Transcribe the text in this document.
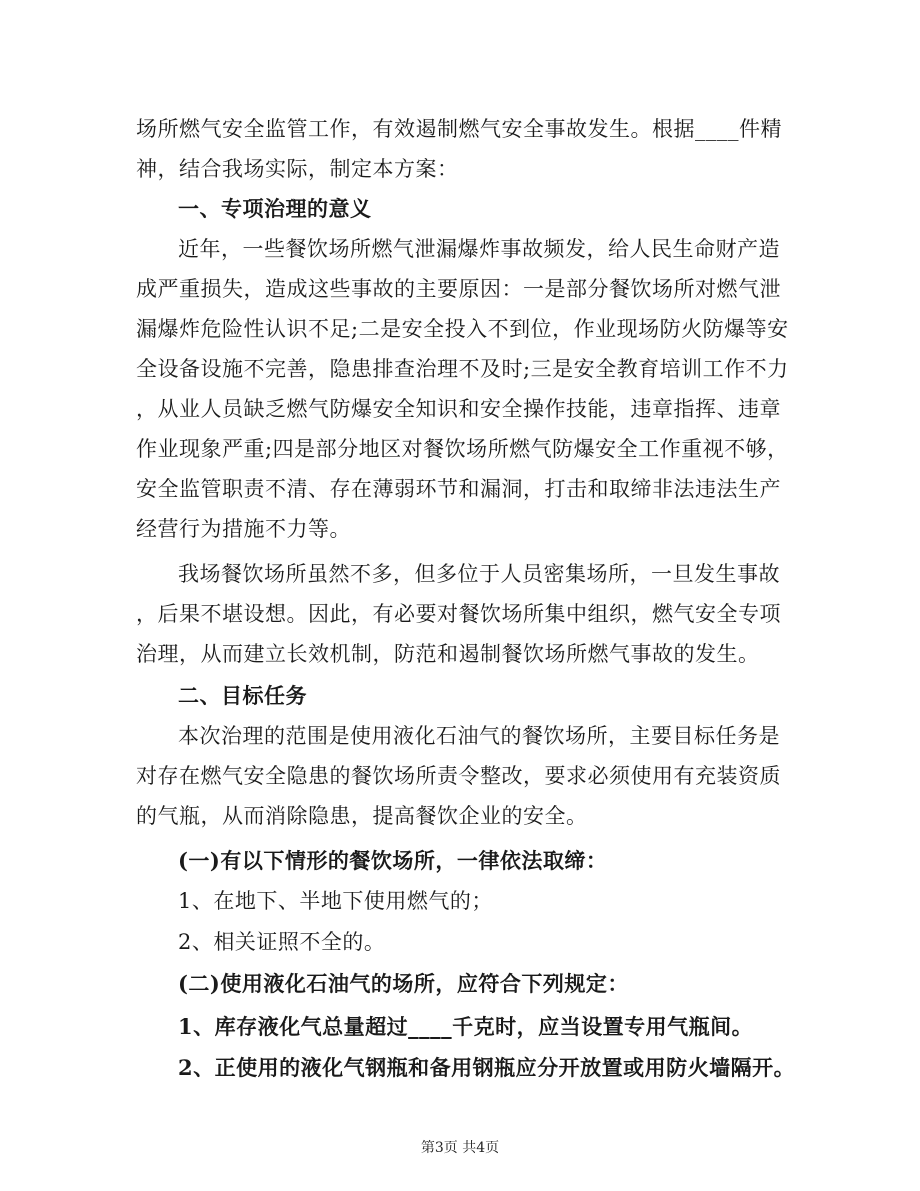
场所燃气安全监管工作，有效遏制燃气安全事故发生。根据____件精
神，结合我场实际，制定本方案：
一、专项治理的意义
近年，一些餐饮场所燃气泄漏爆炸事故频发，给人民生命财产造
成严重损失，造成这些事故的主要原因：一是部分餐饮场所对燃气泄
漏爆炸危险性认识不足;二是安全投入不到位，作业现场防火防爆等安
全设备设施不完善，隐患排查治理不及时;三是安全教育培训工作不力
，从业人员缺乏燃气防爆安全知识和安全操作技能，违章指挥、违章
作业现象严重;四是部分地区对餐饮场所燃气防爆安全工作重视不够，
安全监管职责不清、存在薄弱环节和漏洞，打击和取缔非法违法生产
经营行为措施不力等。
我场餐饮场所虽然不多，但多位于人员密集场所，一旦发生事故
，后果不堪设想。因此，有必要对餐饮场所集中组织，燃气安全专项
治理，从而建立长效机制，防范和遏制餐饮场所燃气事故的发生。
二、目标任务
本次治理的范围是使用液化石油气的餐饮场所，主要目标任务是
对存在燃气安全隐患的餐饮场所责令整改，要求必须使用有充装资质
的气瓶，从而消除隐患，提高餐饮企业的安全。
(一)有以下情形的餐饮场所，一律依法取缔：
1、在地下、半地下使用燃气的；
2、相关证照不全的。
(二)使用液化石油气的场所，应符合下列规定：
1、库存液化气总量超过____千克时，应当设置专用气瓶间。
2、正使用的液化气钢瓶和备用钢瓶应分开放置或用防火墙隔开。
第3页 共4页
